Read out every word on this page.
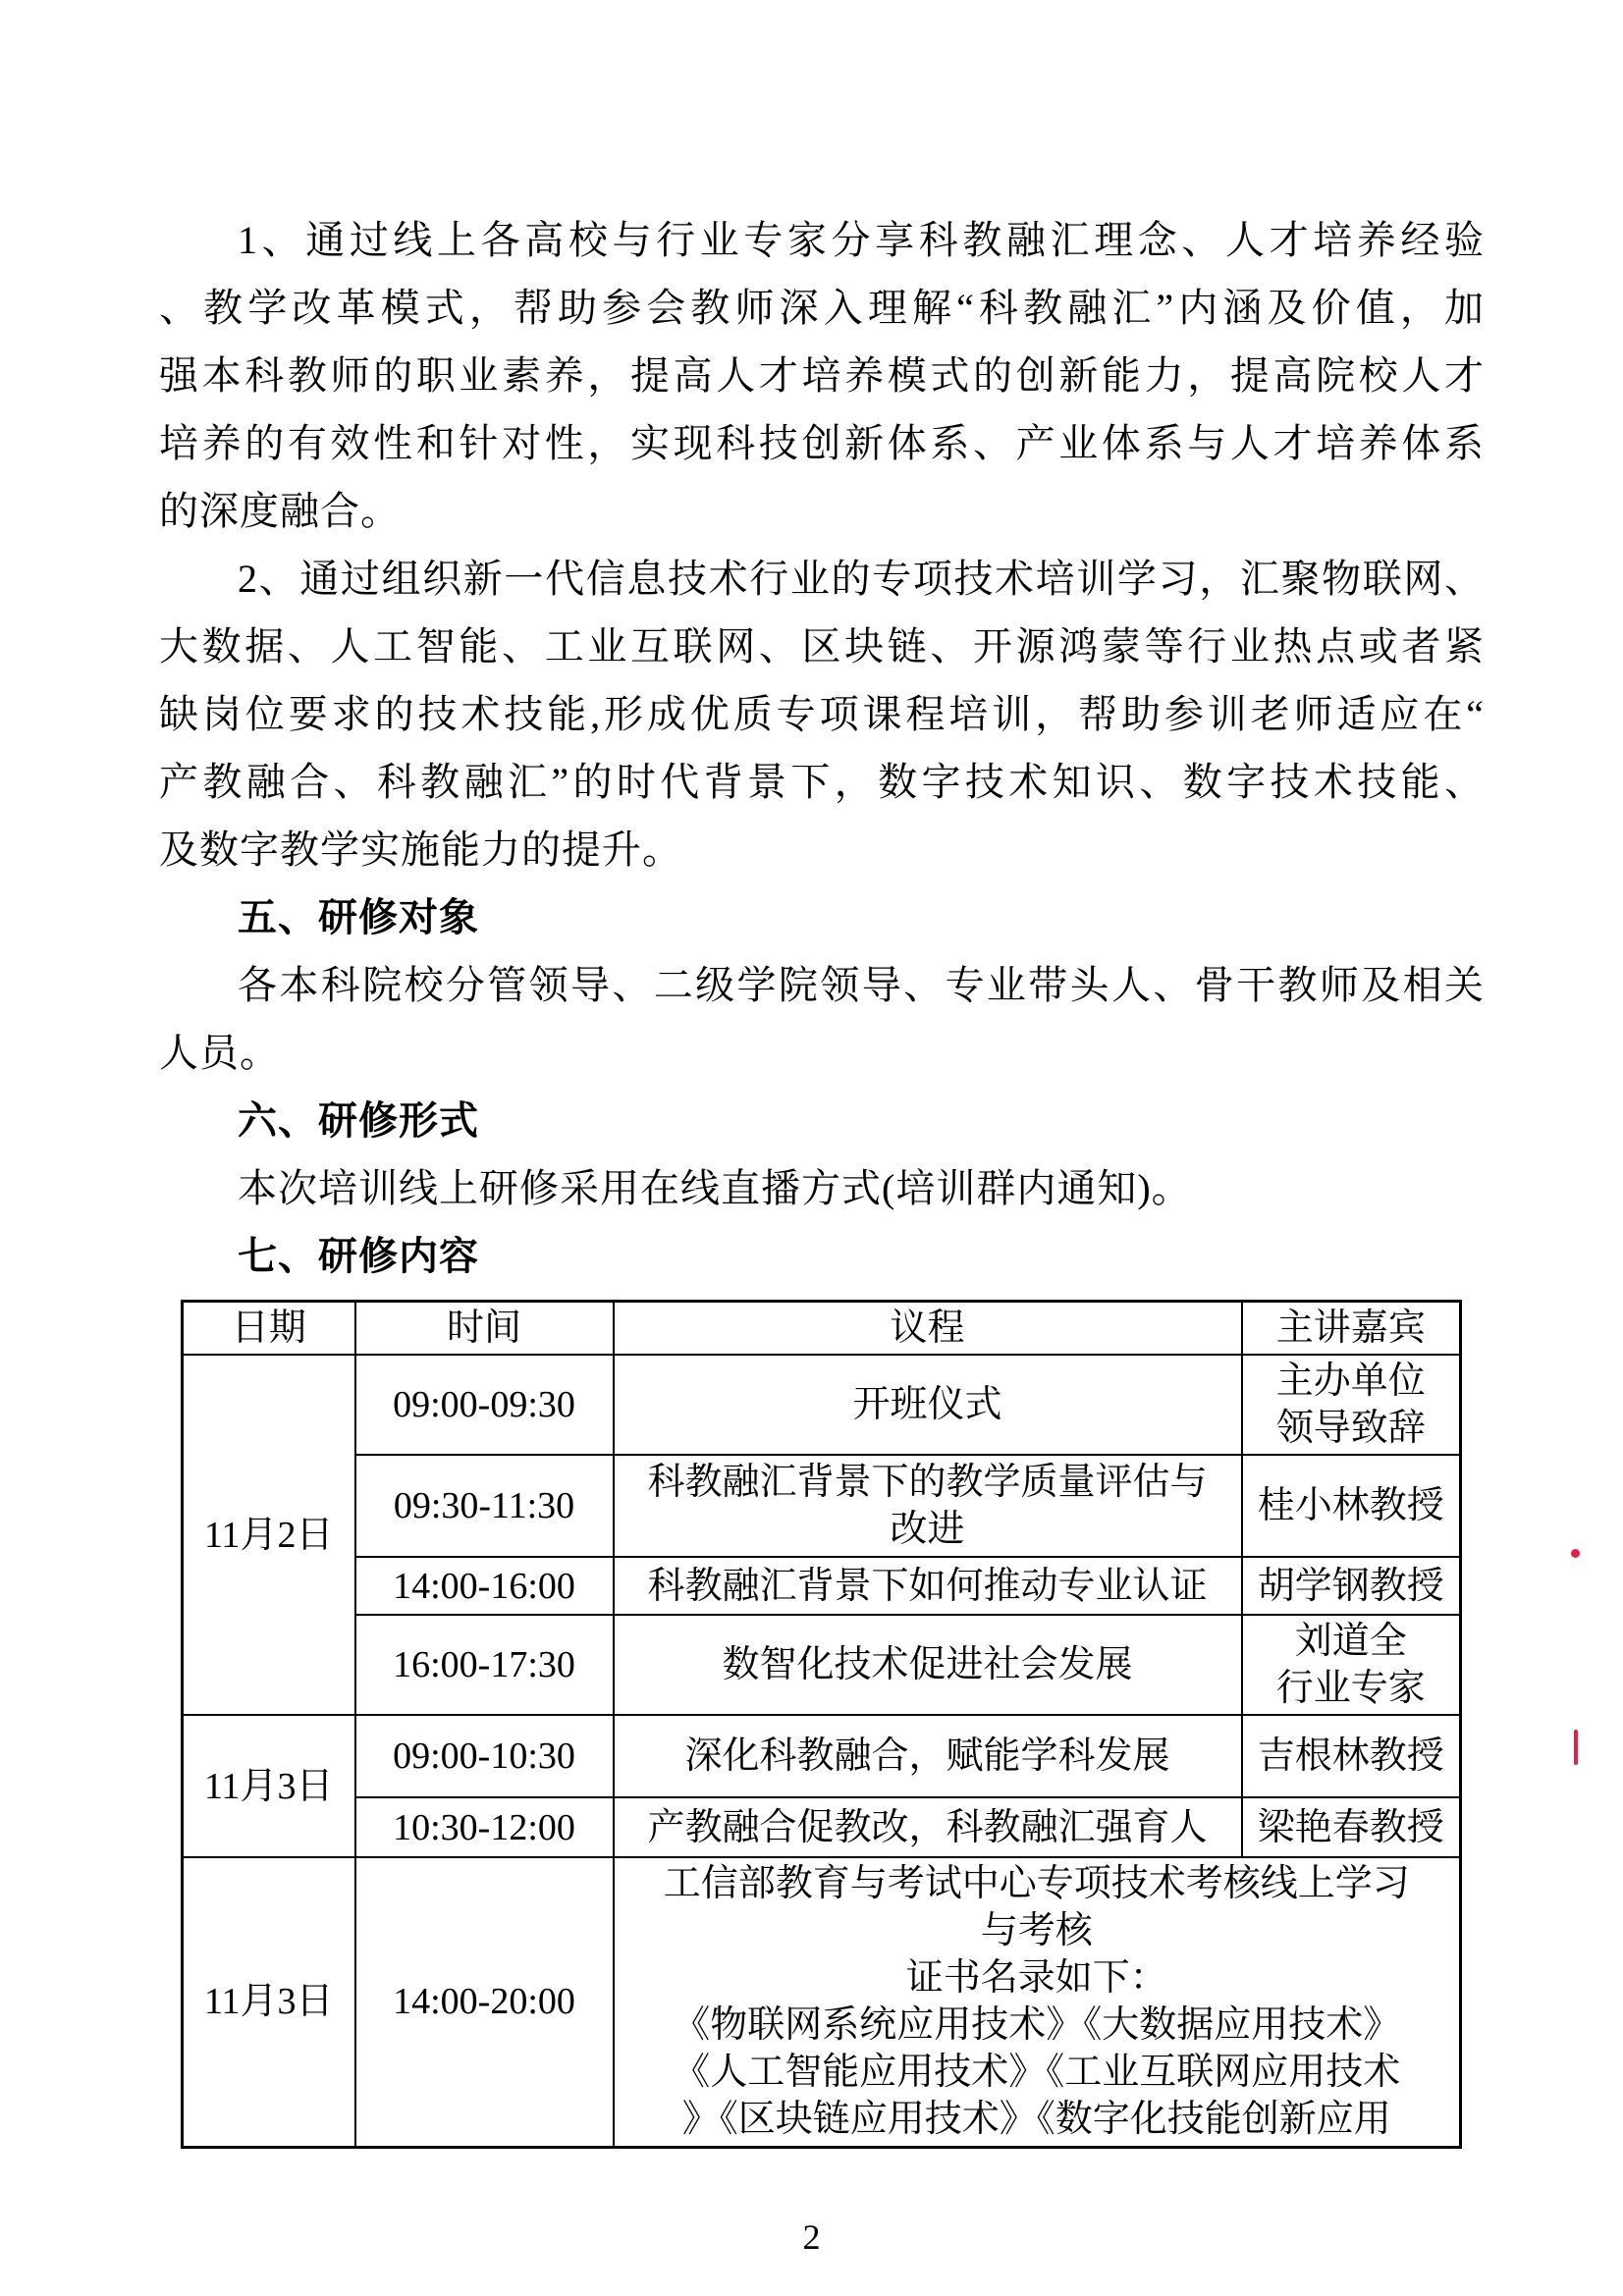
1、通过线上各高校与行业专家分享科教融汇理念、人才培养经验
、教学改革模式，帮助参会教师深入理解“科教融汇”内涵及价值，加
强本科教师的职业素养，提高人才培养模式的创新能力，提高院校人才
培养的有效性和针对性，实现科技创新体系、产业体系与人才培养体系
的深度融合。
2、通过组织新一代信息技术行业的专项技术培训学习，汇聚物联网、
大数据、人工智能、工业互联网、区块链、开源鸿蒙等行业热点或者紧
缺岗位要求的技术技能,形成优质专项课程培训，帮助参训老师适应在“
产教融合、科教融汇”的时代背景下，数字技术知识、数字技术技能、
及数字教学实施能力的提升。
五、研修对象
各本科院校分管领导、二级学院领导、专业带头人、骨干教师及相关
人员。
六、研修形式
本次培训线上研修采用在线直播方式(培训群内通知)。
七、研修内容
日期	时间	议程	主讲嘉宾
11月2日	09:00-09:30	开班仪式	主办单位
领导致辞

	09:30-11:30	科教融汇背景下的教学质量评估与
改进	桂小林教授

	14:00-16:00	科教融汇背景下如何推动专业认证	胡学钢教授

	16:00-17:30	数智化技术促进社会发展	刘道全
行业专家

11月3日	09:00-10:30	深化科教融合，赋能学科发展	吉根林教授

	10:30-12:00	产教融合促教改，科教融汇强育人	梁艳春教授

11月3日	14:00-20:00	
工信部教育与考试中心专项技术考核线上学习
与考核
证书名录如下：
《物联网系统应用技术》《大数据应用技术》
《人工智能应用技术》《工业互联网应用技术
》《区块链应用技术》《数字化技能创新应用
2
